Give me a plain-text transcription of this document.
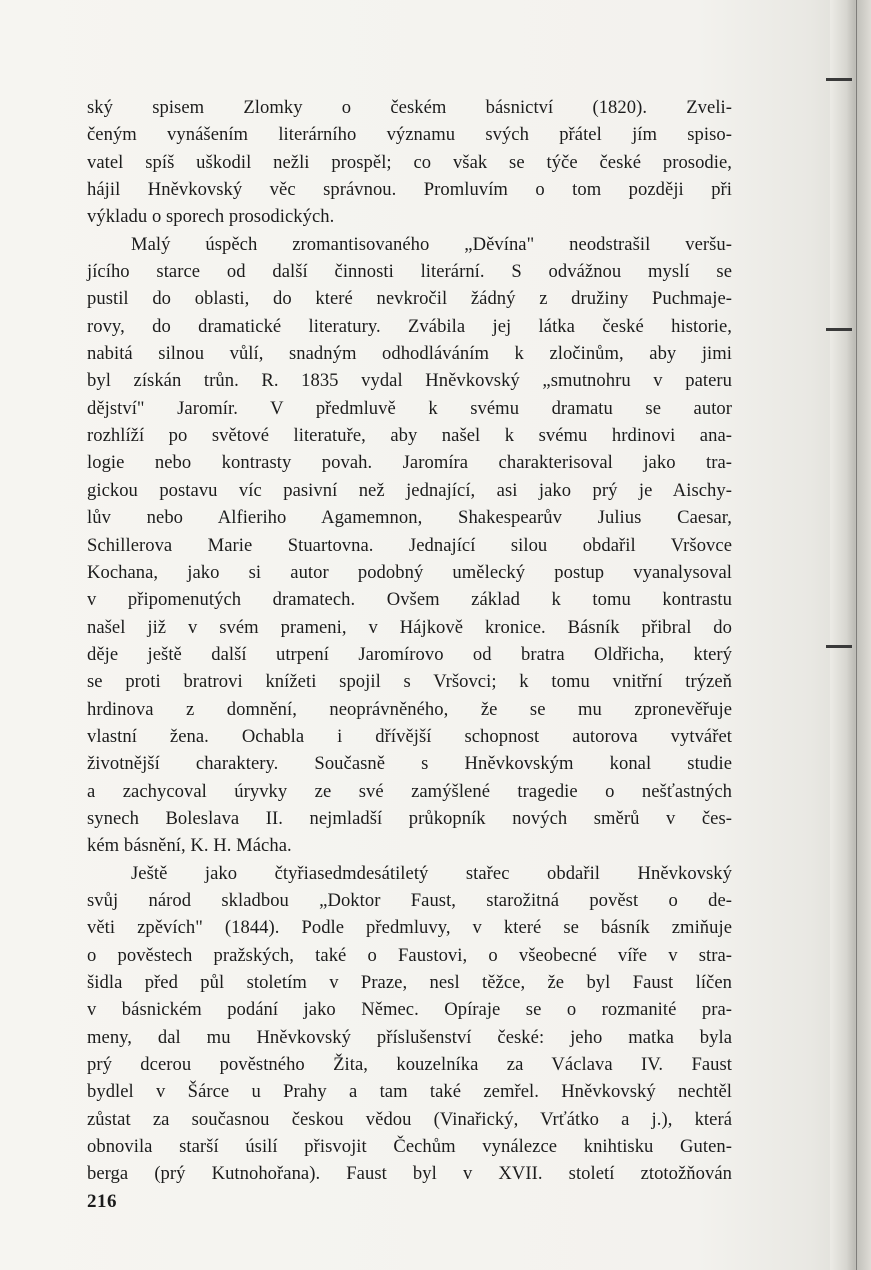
ský spisem Zlomky o českém básnictví (1820). Zveli-
čeným vynášením literárního významu svých přátel jím spiso-
vatel spíš uškodil nežli prospěl; co však se týče české prosodie,
hájil Hněvkovský věc správnou. Promluvím o tom později při
výkladu o sporech prosodických.
Malý úspěch zromantisovaného „Děvína" neodstrašil veršu-
jícího starce od další činnosti literární. S odvážnou myslí se
pustil do oblasti, do které nevkročil žádný z družiny Puchmaje-
rovy, do dramatické literatury. Zvábila jej látka české historie,
nabitá silnou vůlí, snadným odhodláváním k zločinům, aby jimi
byl získán trůn. R. 1835 vydal Hněvkovský „smutnohru v pateru
dějství" Jaromír. V předmluvě k svému dramatu se autor
rozhlíží po světové literatuře, aby našel k svému hrdinovi ana-
logie nebo kontrasty povah. Jaromíra charakterisoval jako tra-
gickou postavu víc pasivní než jednající, asi jako prý je Aischy-
lův nebo Alfieriho Agamemnon, Shakespearův Julius Caesar,
Schillerova Marie Stuartovna. Jednající silou obdařil Vršovce
Kochana, jako si autor podobný umělecký postup vyanalysoval
v připomenutých dramatech. Ovšem základ k tomu kontrastu
našel již v svém prameni, v Hájkově kronice. Básník přibral do
děje ještě další utrpení Jaromírovo od bratra Oldřicha, který
se proti bratrovi knížeti spojil s Vršovci; k tomu vnitřní trýzeň
hrdinova z domnění, neoprávněného, že se mu zpronevěřuje
vlastní žena. Ochabla i dřívější schopnost autorova vytvářet
životnější charaktery. Současně s Hněvkovským konal studie
a zachycoval úryvky ze své zamýšlené tragedie o nešťastných
synech Boleslava II. nejmladší průkopník nových směrů v čes-
kém básnění, K. H. Mácha.
Ještě jako čtyřiasedmdesátiletý stařec obdařil Hněvkovský
svůj národ skladbou „Doktor Faust, starožitná pověst o de-
věti zpěvích" (1844). Podle předmluvy, v které se básník zmiňuje
o pověstech pražských, také o Faustovi, o všeobecné víře v stra-
šidla před půl stoletím v Praze, nesl těžce, že byl Faust líčen
v básnickém podání jako Němec. Opíraje se o rozmanité pra-
meny, dal mu Hněvkovský příslušenství české: jeho matka byla
prý dcerou pověstného Žita, kouzelníka za Václava IV. Faust
bydlel v Šárce u Prahy a tam také zemřel. Hněvkovský nechtěl
zůstat za současnou českou vědou (Vinařický, Vrťátko a j.), která
obnovila starší úsilí přisvojit Čechům vynálezce knihtisku Guten-
berga (prý Kutnohořana). Faust byl v XVII. století ztotožňován
216
